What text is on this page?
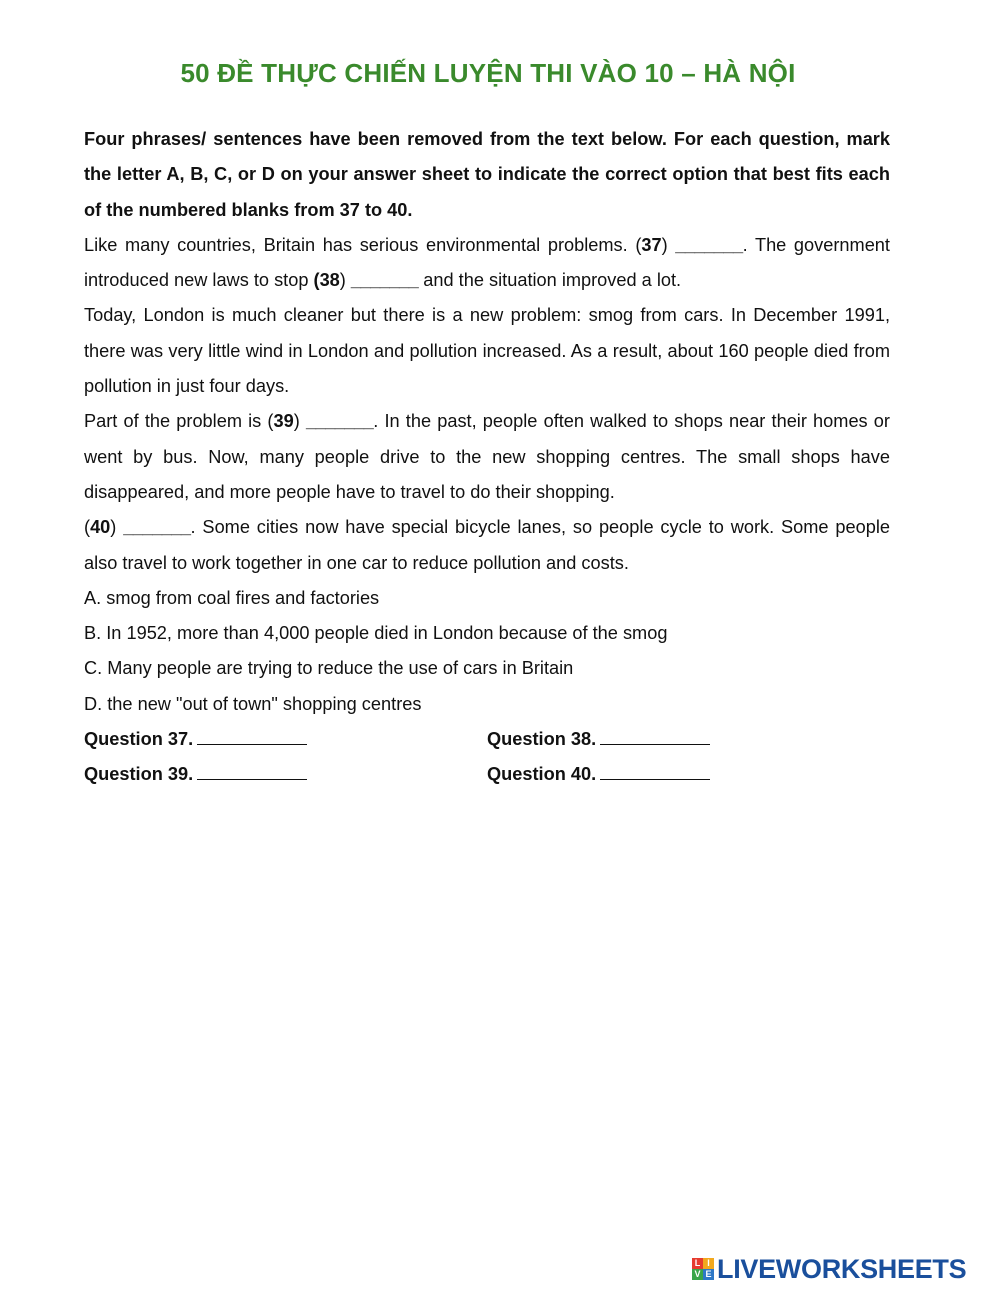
50 ĐỀ THỰC CHIẾN LUYỆN THI VÀO 10 – HÀ NỘI

Four phrases/ sentences have been removed from the text below. For each question, mark the letter A, B, C, or D on your answer sheet to indicate the correct option that best fits each of the numbered blanks from 37 to 40.

Like many countries, Britain has serious environmental problems. (37) _______. The government introduced new laws to stop (38) _______ and the situation improved a lot.

Today, London is much cleaner but there is a new problem: smog from cars. In December 1991, there was very little wind in London and pollution increased. As a result, about 160 people died from pollution in just four days.

Part of the problem is (39) _______. In the past, people often walked to shops near their homes or went by bus. Now, many people drive to the new shopping centres. The small shops have disappeared, and more people have to travel to do their shopping.

(40) _______. Some cities now have special bicycle lanes, so people cycle to work. Some people also travel to work together in one car to reduce pollution and costs.

A. smog from coal fires and factories

B. In 1952, more than 4,000 people died in London because of the smog

C. Many people are trying to reduce the use of cars in Britain

D. the new "out of town" shopping centres

Question 37.	Question 38.
Question 39.	Question 40.
L I
V E LIVEWORKSHEETS
